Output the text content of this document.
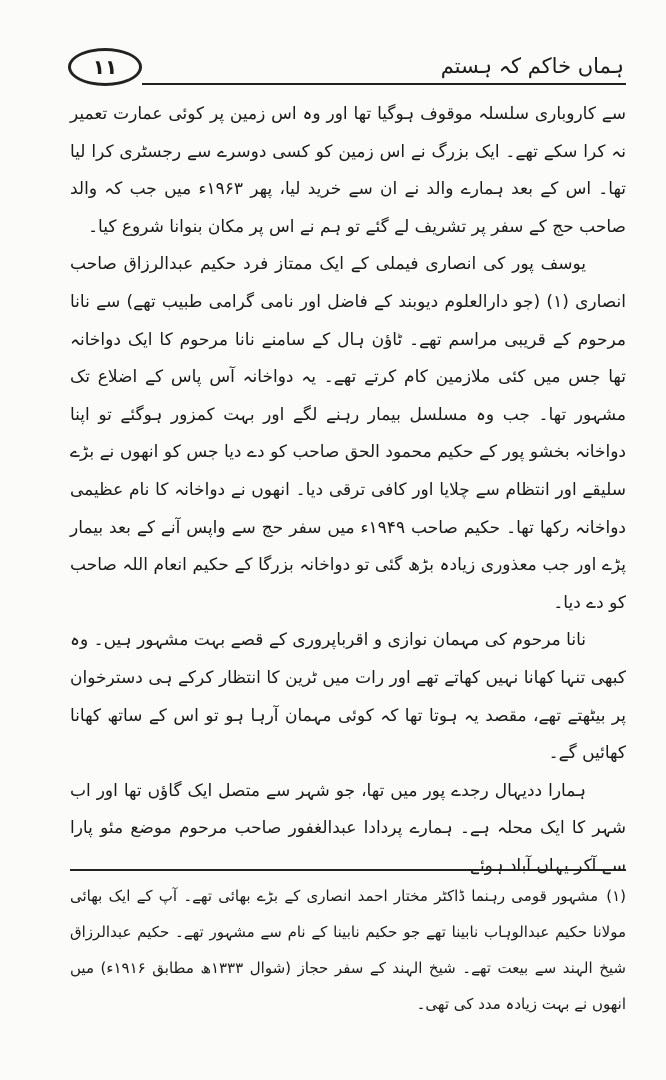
ہماں خاکم کہ ہستم
١١

سے کاروباری سلسلہ موقوف ہوگیا تھا اور وہ اس زمین پر کوئی عمارت تعمیر نہ کرا سکے تھے۔ ایک بزرگ نے اس زمین کو کسی دوسرے سے رجسٹری کرا لیا تھا۔ اس کے بعد ہمارے والد نے ان سے خرید لیا، پھر ۱۹۶۳ء میں جب کہ والد صاحب حج کے سفر پر تشریف لے گئے تو ہم نے اس پر مکان بنوانا شروع کیا۔

یوسف پور کی انصاری فیملی کے ایک ممتاز فرد حکیم عبدالرزاق صاحب انصاری (۱) (جو دارالعلوم دیوبند کے فاضل اور نامی گرامی طبیب تھے) سے نانا مرحوم کے قریبی مراسم تھے۔ ٹاؤن ہال کے سامنے نانا مرحوم کا ایک دواخانہ تھا جس میں کئی ملازمین کام کرتے تھے۔ یہ دواخانہ آس پاس کے اضلاع تک مشہور تھا۔ جب وہ مسلسل بیمار رہنے لگے اور بہت کمزور ہوگئے تو اپنا دواخانہ بخشو پور کے حکیم محمود الحق صاحب کو دے دیا جس کو انھوں نے بڑے سلیقے اور انتظام سے چلایا اور کافی ترقی دیا۔ انھوں نے دواخانہ کا نام عظیمی دواخانہ رکھا تھا۔ حکیم صاحب ۱۹۴۹ء میں سفر حج سے واپس آنے کے بعد بیمار پڑے اور جب معذوری زیادہ بڑھ گئی تو دواخانہ بزرگا کے حکیم انعام اللہ صاحب کو دے دیا۔

نانا مرحوم کی مہمان نوازی و اقرباپروری کے قصے بہت مشہور ہیں۔ وہ کبھی تنہا کھانا نہیں کھاتے تھے اور رات میں ٹرین کا انتظار کرکے ہی دسترخوان پر بیٹھتے تھے، مقصد یہ ہوتا تھا کہ کوئی مہمان آرہا ہو تو اس کے ساتھ کھانا کھائیں گے۔

ہمارا ددیہال رجدے پور میں تھا، جو شہر سے متصل ایک گاؤں تھا اور اب شہر کا ایک محلہ ہے۔ ہمارے پردادا عبدالغفور صاحب مرحوم موضع مئو پارا سے آکر یہاں آباد ہوئے

(۱)مشہور قومی رہنما ڈاکٹر مختار احمد انصاری کے بڑے بھائی تھے۔ آپ کے ایک بھائی مولانا حکیم عبدالوہاب نابینا تھے جو حکیم نابینا کے نام سے مشہور تھے۔ حکیم عبدالرزاق شیخ الہند سے بیعت تھے۔ شیخ الہند کے سفر حجاز (شوال ۱۳۳۳ھ مطابق ۱۹۱۶ء) میں انھوں نے بہت زیادہ مدد کی تھی۔
